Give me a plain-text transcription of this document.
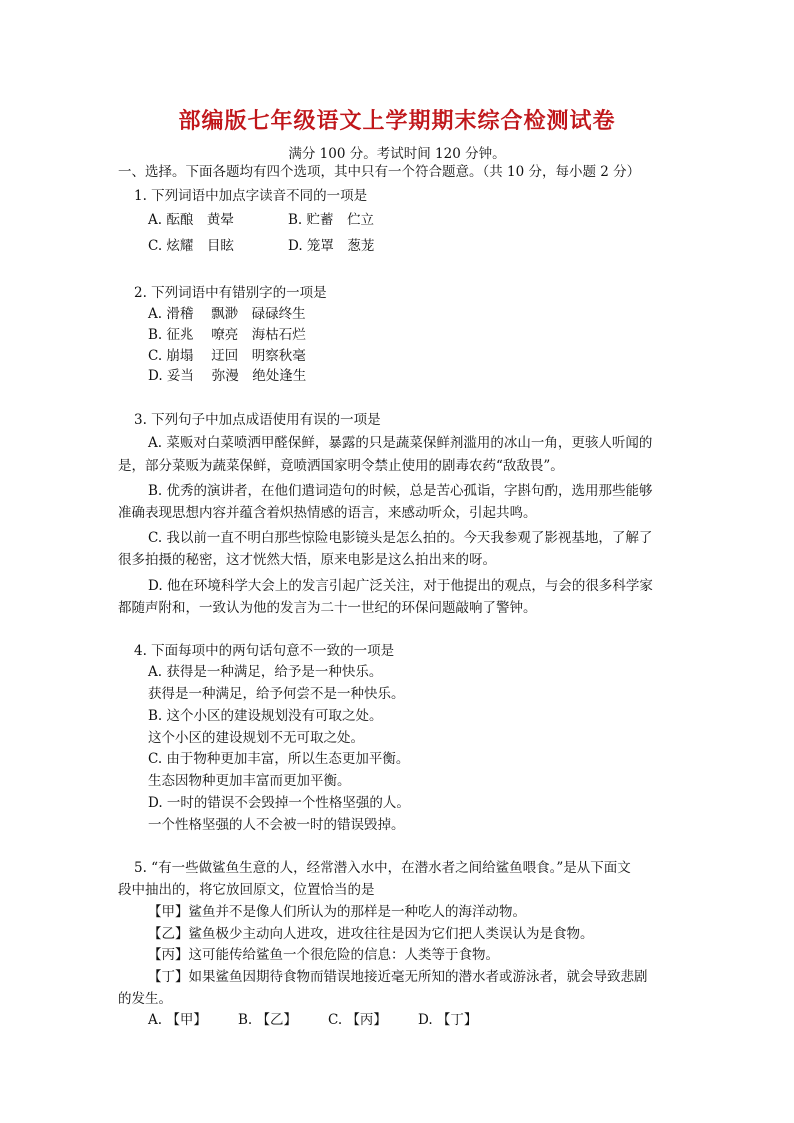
部编版七年级语文上学期期末综合检测试卷
满分 100 分。考试时间 120 分钟。
一、选择。下面各题均有四个选项，其中只有一个符合题意。（共 10 分，每小题 2 分）
1. 下列词语中加点字读音不同的一项是
A. 酝酿　黄晕	B. 贮蓄　伫立
C. 炫耀　目眩	D. 笼罩　葱茏
2. 下列词语中有错别字的一项是
A. 滑稽　 飘渺　碌碌终生
B. 征兆　 嘹亮　海枯石烂
C. 崩塌　 迂回　明察秋毫
D. 妥当　 弥漫　绝处逢生
3. 下列句子中加点成语使用有误的一项是
A. 菜贩对白菜喷洒甲醛保鲜，暴露的只是蔬菜保鲜剂滥用的冰山一角，更骇人听闻的
是，部分菜贩为蔬菜保鲜，竟喷洒国家明令禁止使用的剧毒农药“敌敌畏”。
B. 优秀的演讲者，在他们遣词造句的时候，总是苦心孤诣，字斟句酌，选用那些能够
准确表现思想内容并蕴含着炽热情感的语言，来感动听众，引起共鸣。
C. 我以前一直不明白那些惊险电影镜头是怎么拍的。今天我参观了影视基地，了解了
很多拍摄的秘密，这才恍然大悟，原来电影是这么拍出来的呀。
D. 他在环境科学大会上的发言引起广泛关注，对于他提出的观点，与会的很多科学家
都随声附和，一致认为他的发言为二十一世纪的环保问题敲响了警钟。
4. 下面每项中的两句话句意不一致的一项是
A. 获得是一种满足，给予是一种快乐。
获得是一种满足，给予何尝不是一种快乐。
B. 这个小区的建设规划没有可取之处。
这个小区的建设规划不无可取之处。
C. 由于物种更加丰富，所以生态更加平衡。
生态因物种更加丰富而更加平衡。
D. 一时的错误不会毁掉一个性格坚强的人。
一个性格坚强的人不会被一时的错误毁掉。
5. “有一些做鲨鱼生意的人，经常潜入水中，在潜水者之间给鲨鱼喂食。”是从下面文
段中抽出的，将它放回原文，位置恰当的是
【甲】鲨鱼并不是像人们所认为的那样是一种吃人的海洋动物。
【乙】鲨鱼极少主动向人进攻，进攻往往是因为它们把人类误认为是食物。
【丙】这可能传给鲨鱼一个很危险的信息：人类等于食物。
【丁】如果鲨鱼因期待食物而错误地接近毫无所知的潜水者或游泳者，就会导致悲剧
的发生。
A. 【甲】 B. 【乙】 C. 【丙】 D. 【丁】
